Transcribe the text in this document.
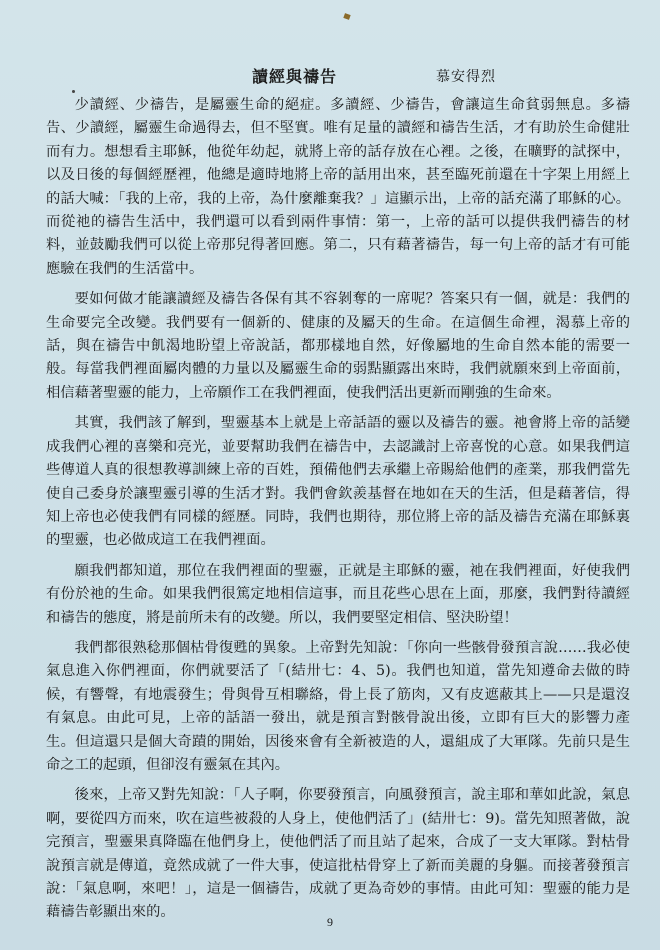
讀經與禱告	慕安得烈

少讀經、少禱告，是屬靈生命的絕症。多讀經、少禱告，會讓這生命貧弱無息。多禱告、少讀經，屬靈生命過得去，但不堅實。唯有足量的讀經和禱告生活，才有助於生命健壯而有力。想想看主耶穌，他從年幼起，就將上帝的話存放在心裡。之後，在曠野的試探中，以及日後的每個經歷裡，他總是適時地將上帝的話用出來，甚至臨死前還在十字架上用經上的話大喊：「我的上帝，我的上帝，為什麼離棄我？」這顯示出，上帝的話充滿了耶穌的心。而從祂的禱告生活中，我們還可以看到兩件事情：第一，上帝的話可以提供我們禱告的材料，並鼓勵我們可以從上帝那兒得著回應。第二，只有藉著禱告，每一句上帝的話才有可能應驗在我們的生活當中。

要如何做才能讓讀經及禱告各保有其不容剝奪的一席呢？答案只有一個，就是：我們的生命要完全改變。我們要有一個新的、健康的及屬天的生命。在這個生命裡，渴慕上帝的話，與在禱告中飢渴地盼望上帝說話，都那樣地自然，好像屬地的生命自然本能的需要一般。每當我們裡面屬肉體的力量以及屬靈生命的弱點顯露出來時，我們就願來到上帝面前，相信藉著聖靈的能力，上帝願作工在我們裡面，使我們活出更新而剛強的生命來。

其實，我們該了解到，聖靈基本上就是上帝話語的靈以及禱告的靈。祂會將上帝的話變成我們心裡的喜樂和亮光，並要幫助我們在禱告中，去認識討上帝喜悅的心意。如果我們這些傳道人真的很想教導訓練上帝的百姓，預備他們去承繼上帝賜給他們的產業，那我們當先使自己委身於讓聖靈引導的生活才對。我們會欽羨基督在地如在天的生活，但是藉著信，得知上帝也必使我們有同樣的經歷。同時，我們也期待，那位將上帝的話及禱告充滿在耶穌裏的聖靈，也必做成這工在我們裡面。

願我們都知道，那位在我們裡面的聖靈，正就是主耶穌的靈，祂在我們裡面，好使我們有份於祂的生命。如果我們很篤定地相信這事，而且花些心思在上面，那麼，我們對待讀經和禱告的態度，將是前所未有的改變。所以，我們要堅定相信、堅決盼望！

我們都很熟稔那個枯骨復甦的異象。上帝對先知說：「你向一些骸骨發預言說……我必使氣息進入你們裡面，你們就要活了「(結卅七：4、5)。我們也知道，當先知遵命去做的時候，有響聲，有地震發生；骨與骨互相聯絡，骨上長了筋肉，又有皮遮蔽其上——只是還沒有氣息。由此可見，上帝的話語一發出，就是預言對骸骨說出後，立即有巨大的影響力產生。但這還只是個大奇蹟的開始，因後來會有全新被造的人，還組成了大軍隊。先前只是生命之工的起頭，但卻沒有靈氣在其內。

後來，上帝又對先知說：「人子啊，你要發預言，向風發預言，說主耶和華如此說，氣息啊，要從四方而來，吹在這些被殺的人身上，使他們活了」(結卅七：9)。當先知照著做，說完預言，聖靈果真降臨在他們身上，使他們活了而且站了起來，合成了一支大軍隊。對枯骨說預言就是傳道，竟然成就了一件大事，使這批枯骨穿上了新而美麗的身軀。而接著發預言說：「氣息啊，來吧！」，這是一個禱告，成就了更為奇妙的事情。由此可知：聖靈的能力是藉禱告彰顯出來的。

9
